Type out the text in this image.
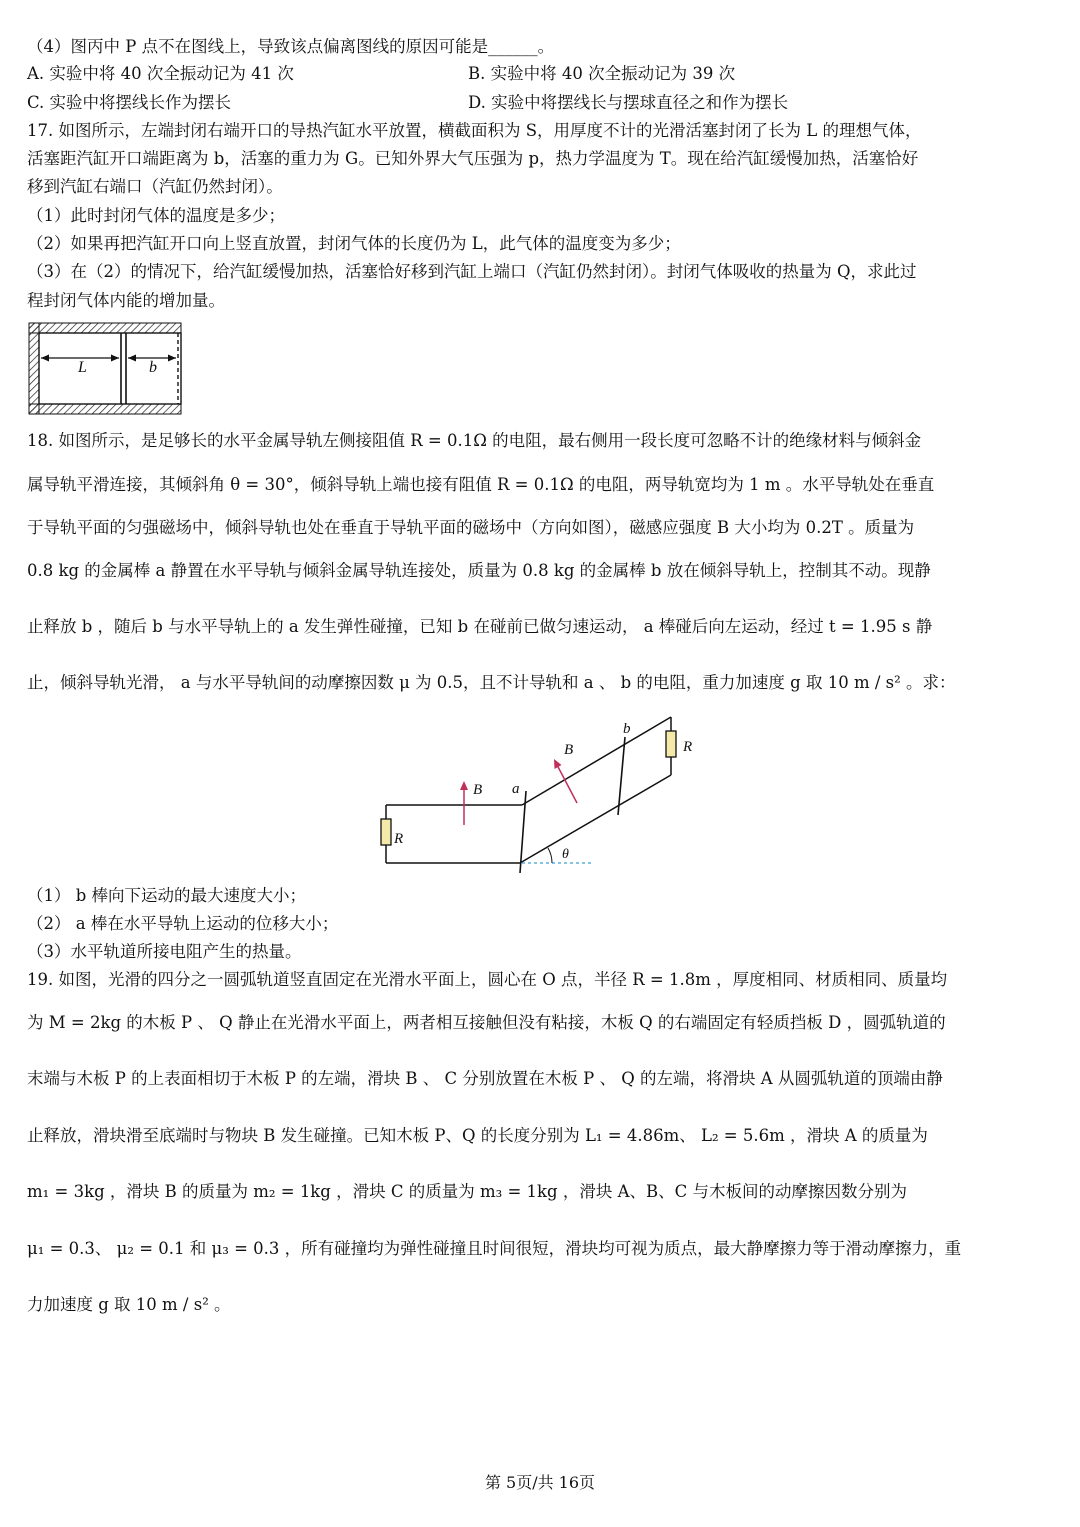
（4）图丙中 P 点不在图线上，导致该点偏离图线的原因可能是______。
A. 实验中将 40 次全振动记为 41 次	B. 实验中将 40 次全振动记为 39 次
C. 实验中将摆线长作为摆长	D. 实验中将摆线长与摆球直径之和作为摆长
17. 如图所示，左端封闭右端开口的导热汽缸水平放置，横截面积为 S，用厚度不计的光滑活塞封闭了长为 L 的理想气体，
活塞距汽缸开口端距离为 b，活塞的重力为 G。已知外界大气压强为 p，热力学温度为 T。现在给汽缸缓慢加热，活塞恰好
移到汽缸右端口（汽缸仍然封闭）。
（1）此时封闭气体的温度是多少；
（2）如果再把汽缸开口向上竖直放置，封闭气体的长度仍为 L，此气体的温度变为多少；
（3）在（2）的情况下，给汽缸缓慢加热，活塞恰好移到汽缸上端口（汽缸仍然封闭）。封闭气体吸收的热量为 Q，求此过
程封闭气体内能的增加量。
L	b
18. 如图所示，是足够长的水平金属导轨左侧接阻值 R = 0.1Ω 的电阻，最右侧用一段长度可忽略不计的绝缘材料与倾斜金
属导轨平滑连接，其倾斜角 θ = 30°，倾斜导轨上端也接有阻值 R = 0.1Ω 的电阻，两导轨宽均为 1 m 。水平导轨处在垂直
于导轨平面的匀强磁场中，倾斜导轨也处在垂直于导轨平面的磁场中（方向如图），磁感应强度 B 大小均为 0.2T 。质量为
0.8 kg 的金属棒 a 静置在水平导轨与倾斜金属导轨连接处，质量为 0.8 kg 的金属棒 b 放在倾斜导轨上，控制其不动。现静
止释放 b ，随后 b 与水平导轨上的 a 发生弹性碰撞，已知 b 在碰前已做匀速运动， a 棒碰后向左运动，经过 t = 1.95 s 静
止，倾斜导轨光滑， a 与水平导轨间的动摩擦因数 μ 为 0.5，且不计导轨和 a 、 b 的电阻，重力加速度 g 取 10 m / s² 。求：
R
a
R
b
B
B
θ
（1） b 棒向下运动的最大速度大小；
（2） a 棒在水平导轨上运动的位移大小；
（3）水平轨道所接电阻产生的热量。
19. 如图，光滑的四分之一圆弧轨道竖直固定在光滑水平面上，圆心在 O 点，半径 R = 1.8m ，厚度相同、材质相同、质量均
为 M = 2kg 的木板 P 、 Q 静止在光滑水平面上，两者相互接触但没有粘接，木板 Q 的右端固定有轻质挡板 D ，圆弧轨道的
末端与木板 P 的上表面相切于木板 P 的左端，滑块 B 、 C 分别放置在木板 P 、 Q 的左端，将滑块 A 从圆弧轨道的顶端由静
止释放，滑块滑至底端时与物块 B 发生碰撞。已知木板 P、Q 的长度分别为 L₁ = 4.86m、 L₂ = 5.6m ，滑块 A 的质量为
m₁ = 3kg ，滑块 B 的质量为 m₂ = 1kg ，滑块 C 的质量为 m₃ = 1kg ，滑块 A、B、C 与木板间的动摩擦因数分别为
μ₁ = 0.3、 μ₂ = 0.1 和 μ₃ = 0.3 ，所有碰撞均为弹性碰撞且时间很短，滑块均可视为质点，最大静摩擦力等于滑动摩擦力，重
力加速度 g 取 10 m / s² 。
第 5页/共 16页
